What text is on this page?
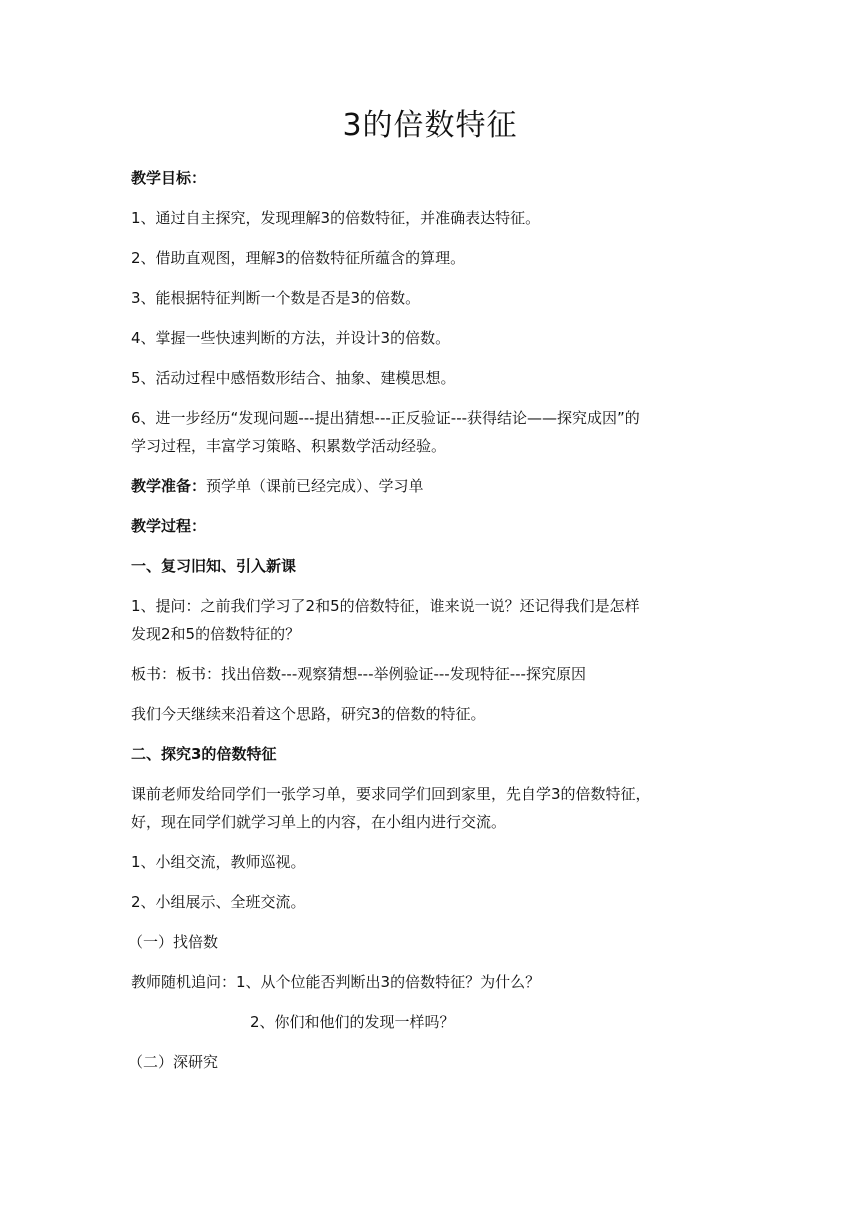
3的倍数特征
教学目标：
1、通过自主探究，发现理解3的倍数特征，并准确表达特征。
2、借助直观图，理解3的倍数特征所蕴含的算理。
3、能根据特征判断一个数是否是3的倍数。
4、掌握一些快速判断的方法，并设计3的倍数。
5、活动过程中感悟数形结合、抽象、建模思想。
6、进一步经历“发现问题---提出猜想---正反验证---获得结论——探究成因”的
学习过程，丰富学习策略、积累数学活动经验。
教学准备：预学单（课前已经完成）、学习单
教学过程：
一、复习旧知、引入新课
1、提问：之前我们学习了2和5的倍数特征，谁来说一说？还记得我们是怎样
发现2和5的倍数特征的？
板书：板书：找出倍数---观察猜想---举例验证---发现特征---探究原因
我们今天继续来沿着这个思路，研究3的倍数的特征。
二、探究3的倍数特征
课前老师发给同学们一张学习单，要求同学们回到家里，先自学3的倍数特征，
好，现在同学们就学习单上的内容，在小组内进行交流。
1、小组交流，教师巡视。
2、小组展示、全班交流。
（一）找倍数
教师随机追问：1、从个位能否判断出3的倍数特征？为什么？
2、你们和他们的发现一样吗？
（二）深研究
